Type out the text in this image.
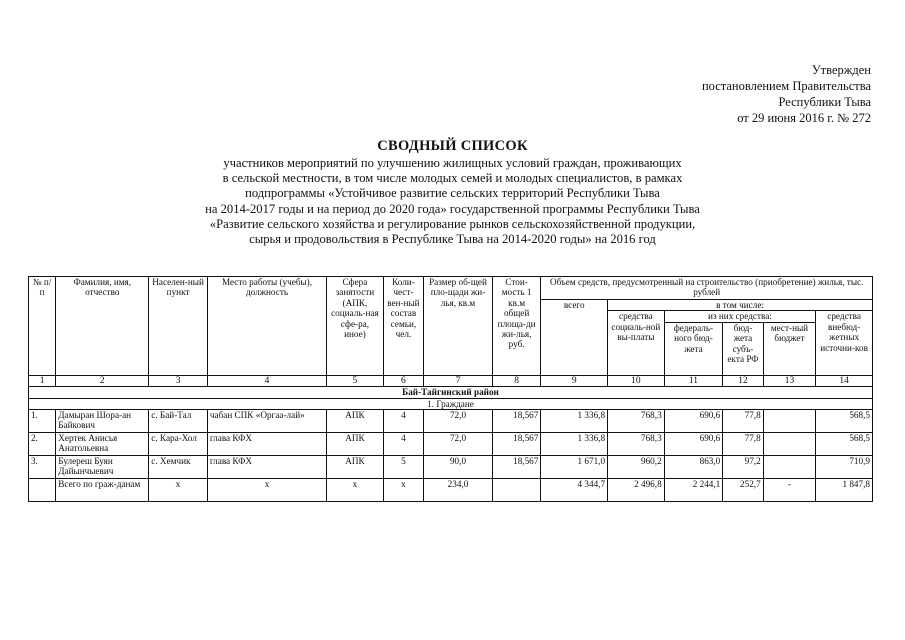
Утвержден
постановлением Правительства
Республики Тыва
от 29 июня 2016 г. № 272
СВОДНЫЙ СПИСОК
участников мероприятий по улучшению жилищных условий граждан, проживающих
в сельской местности, в том числе молодых семей и молодых специалистов, в рамках
подпрограммы «Устойчивое развитие сельских территорий Республики Тыва
на 2014-2017 годы и на период до 2020 года» государственной программы Республики Тыва
«Развитие сельского хозяйства и регулирование рынков сельскохозяйственной продукции,
сырья и продовольствия в Республике Тыва на 2014-2020 годы» на 2016 год
№ п/п	Фамилия, имя, отчество	Населен-ный пункт	Место работы (учебы), должность	Сфера занятости (АПК, социаль-ная сфе-ра, иное)	Коли-чест-вен-ный состав семьи, чел.	Размер об-щей пло-щади жи-лья, кв.м	Стои-мость 1 кв.м общей площа-ди жи-лья, руб.	Объем средств, предусмотренный на строительство (приобретение) жилья, тыс. рублей					
								всего	в том числе:				
									средства социаль-ной вы-платы	из них средства:			средства внебюд-жетных источни-ков
										федераль-ного бюд-жета	бюд-жета субъ-екта РФ	мест-ный бюджет	
1	2	3	4	5	6	7	8	9	10	11	12	13	14
Бай-Тайгинский район													
1. Граждане													
1.	Дамыран Шора-ан Байкович	с. Бай-Тал	чабан СПК «Оргаа-лай»	АПК	4	72,0	18,567	1 336,8	768,3	690,6	77,8		568,5
2.	Хертек Анисья Анатольевна	с. Кара-Хол	глава КФХ	АПК	4	72,0	18,567	1 336,8	768,3	690,6	77,8		568,5
3.	Булереш Буян Дайынчыевич	с. Хемчик	глава КФХ	АПК	5	90,0	18,567	1 671,0	960,2	863,0	97,2		710,9
	Всего по граж-данам	х	х	х	х	234,0		4 344,7	2 496,8	2 244,1	252,7	-	1 847,8
